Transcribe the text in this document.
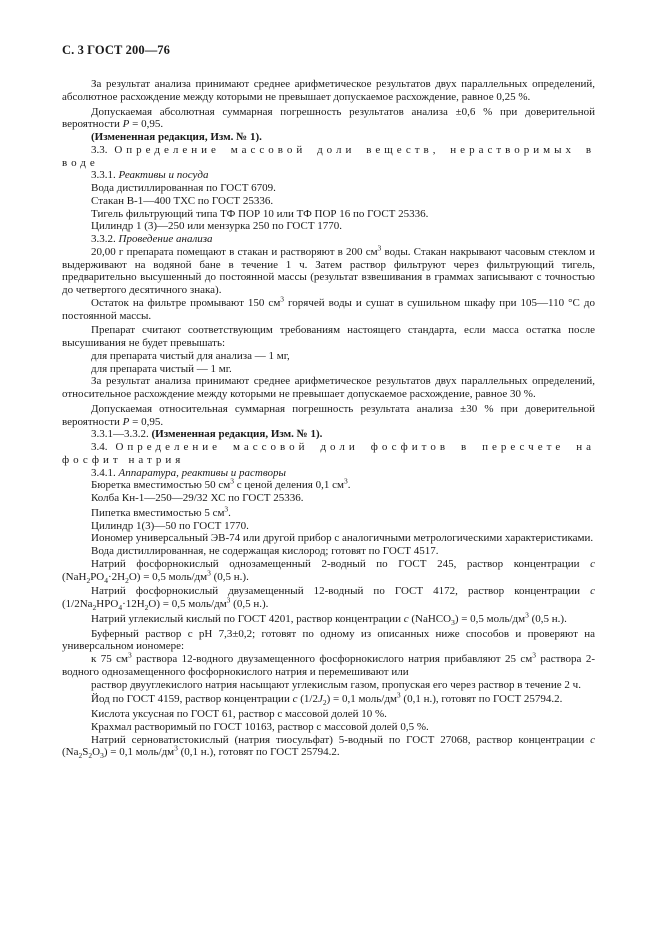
С. 3 ГОСТ 200—76

За результат анализа принимают среднее арифметическое результатов двух параллельных определений, абсолютное расхождение между которыми не превышает допускаемое расхождение, равное 0,25 %.

Допускаемая абсолютная суммарная погрешность результатов анализа ±0,6 % при доверительной вероятности P = 0,95.

(Измененная редакция, Изм. № 1).

3.3. Определение массовой доли веществ, нерастворимых в воде

3.3.1. Реактивы и посуда

Вода дистиллированная по ГОСТ 6709.

Стакан В-1—400 ТХС по ГОСТ 25336.

Тигель фильтрующий типа ТФ ПОР 10 или ТФ ПОР 16 по ГОСТ 25336.

Цилиндр 1 (3)—250 или мензурка 250 по ГОСТ 1770.

3.3.2. Проведение анализа

20,00 г препарата помещают в стакан и растворяют в 200 $см^3$ воды. Стакан накрывают часовым стеклом и выдерживают на водяной бане в течение 1 ч. Затем раствор фильтруют через фильтрующий тигель, предварительно высушенный до постоянной массы (результат взвешивания в граммах записывают с точностью до четвертого десятичного знака).

Остаток на фильтре промывают 150 $см^3$ горячей воды и сушат в сушильном шкафу при 105—110 °С до постоянной массы.

Препарат считают соответствующим требованиям настоящего стандарта, если масса остатка после высушивания не будет превышать:

для препарата чистый для анализа — 1 мг,

для препарата чистый — 1 мг.

За результат анализа принимают среднее арифметическое результатов двух параллельных определений, относительное расхождение между которыми не превышает допускаемое расхождение, равное 30 %.

Допускаемая относительная суммарная погрешность результата анализа ±30 % при доверительной вероятности P = 0,95.

3.3.1—3.3.2. (Измененная редакция, Изм. № 1).

3.4. Определение массовой доли фосфитов в пересчете на фосфит натрия

3.4.1. Аппаратура, реактивы и растворы

Бюретка вместимостью 50 $см^3$ с ценой деления 0,1 $см^3$.

Колба Кн-1—250—29/32 ХС по ГОСТ 25336.

Пипетка вместимостью 5 $см^3$.

Цилиндр 1(3)—50 по ГОСТ 1770.

Иономер универсальный ЭВ-74 или другой прибор с аналогичными метрологическими характеристиками.

Вода дистиллированная, не содержащая кислород; готовят по ГОСТ 4517.

Натрий фосфорнокислый однозамещенный 2-водный по ГОСТ 245, раствор концентрации c $(NaH_2PO_4\cdot 2H_2O) = 0,5$ моль/$дм^3$ (0,5 н.).

Натрий фосфорнокислый двузамещенный 12-водный по ГОСТ 4172, раствор концентрации c $(1/2Na_2HPO_4\cdot 12H_2O) = 0,5$ моль/$дм^3$ (0,5 н.).

Натрий углекислый кислый по ГОСТ 4201, раствор концентрации c (NaHCO$_3$) = 0,5 моль/$дм^3$ (0,5 н.).

Буферный раствор с рН 7,3±0,2; готовят по одному из описанных ниже способов и проверяют на универсальном иономере:

к 75 $см^3$ раствора 12-водного двузамещенного фосфорнокислого натрия прибавляют 25 $см^3$ раствора 2-водного однозамещенного фосфорнокислого натрия и перемешивают или

раствор двууглекислого натрия насыщают углекислым газом, пропуская его через раствор в течение 2 ч.

Йод по ГОСТ 4159, раствор концентрации c $(1/2J_2) = 0,1$ моль/$дм^3$ (0,1 н.), готовят по ГОСТ 25794.2.

Кислота уксусная по ГОСТ 61, раствор с массовой долей 10 %.

Крахмал растворимый по ГОСТ 10163, раствор с массовой долей 0,5 %.

Натрий серноватистокислый (натрия тиосульфат) 5-водный по ГОСТ 27068, раствор концентрации c $(Na_2S_2O_3) = 0,1$ моль/$дм^3$ (0,1 н.), готовят по ГОСТ 25794.2.
